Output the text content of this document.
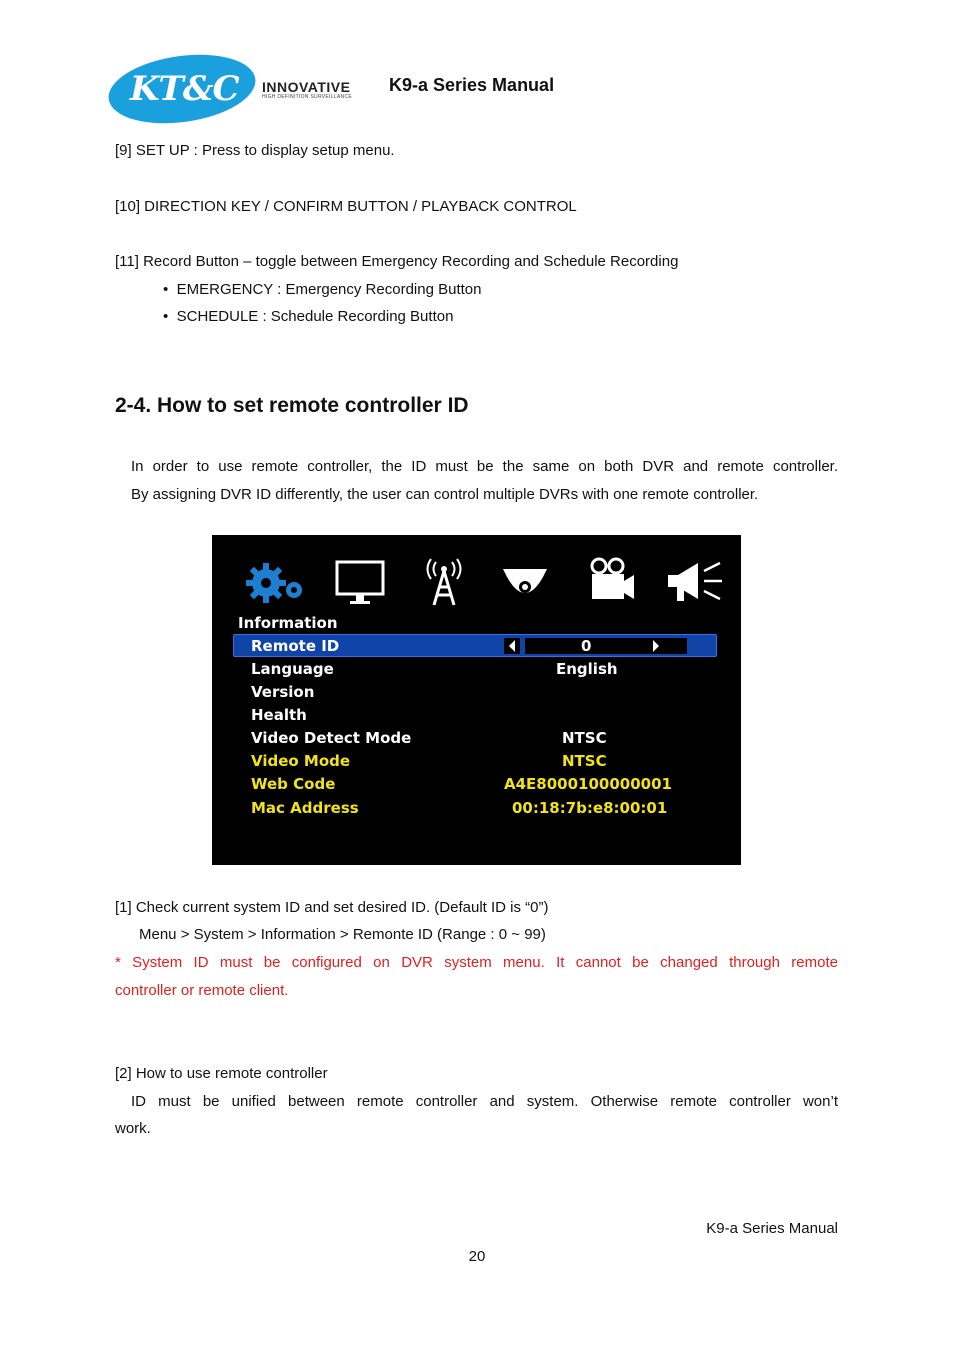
KT&C INNOVATIVE
HIGH DEFINITION SURVEILLANCE
K9-a Series Manual
[9] SET UP : Press to display setup menu.
[10] DIRECTION KEY / CONFIRM BUTTON / PLAYBACK CONTROL
[11] Record Button – toggle between Emergency Recording and Schedule Recording
• EMERGENCY : Emergency Recording Button
• SCHEDULE : Schedule Recording Button
2-4. How to set remote controller ID
In order to use remote controller, the ID must be the same on both DVR and remote controller.
By assigning DVR ID differently, the user can control multiple DVRs with one remote controller.
Information
Remote ID
Language
Version
Health
Video Detect Mode
Video Mode
Web Code
Mac Address
0
English
NTSC
NTSC
A4E8000100000001
00:18:7b:e8:00:01
[1] Check current system ID and set desired ID. (Default ID is “0”)
Menu > System > Information > Remonte ID (Range : 0 ~ 99)
* System ID must be configured on DVR system menu. It cannot be changed through remote
controller or remote client.
[2] How to use remote controller
ID must be unified between remote controller and system. Otherwise remote controller won’t
work.
K9-a Series Manual
20
